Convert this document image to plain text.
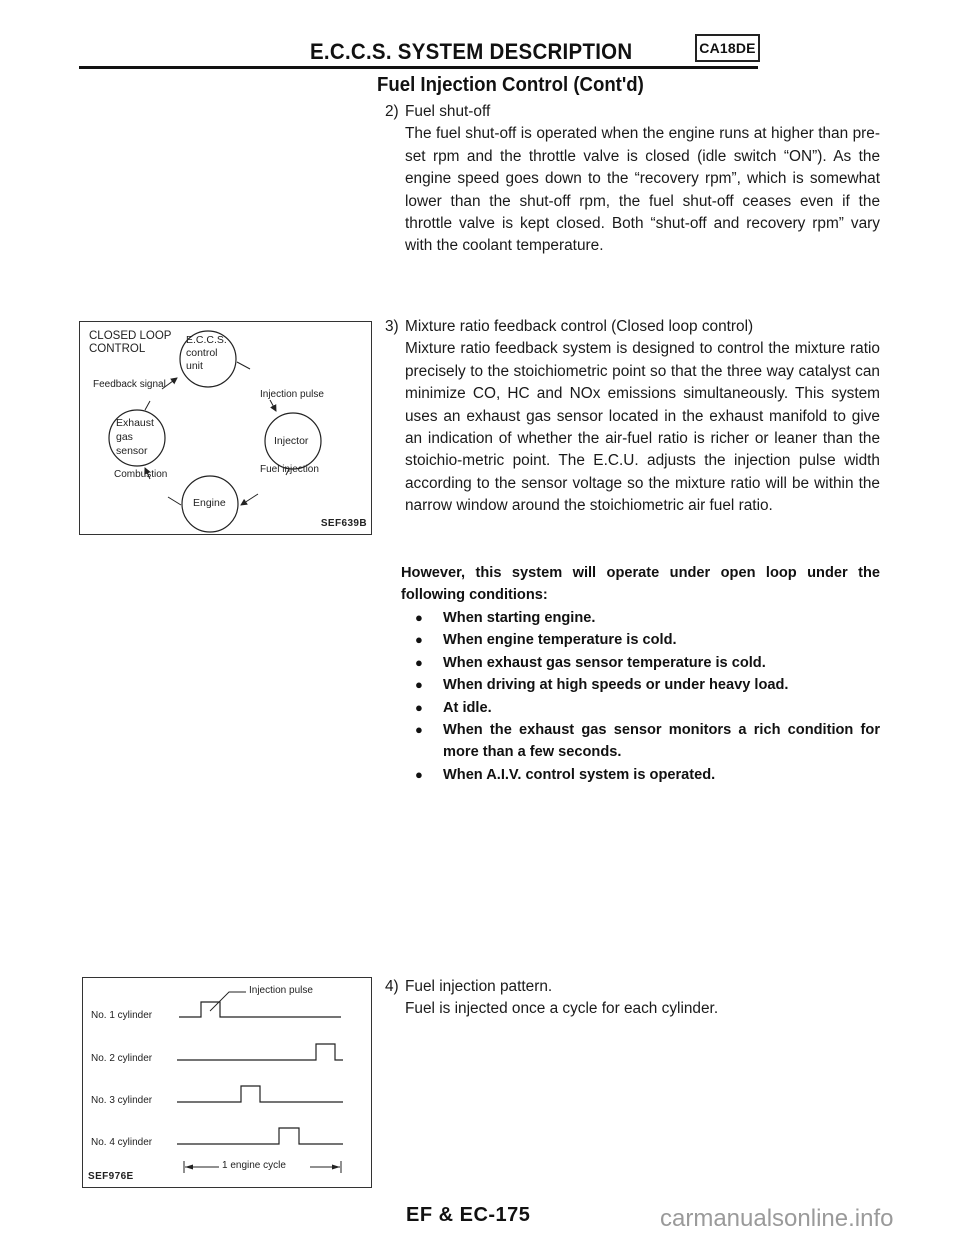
E.C.C.S. SYSTEM DESCRIPTION	CA18DE
Fuel Injection Control (Cont'd)
2) Fuel shut-off
The fuel shut-off is operated when the engine runs at higher than pre-set rpm and the throttle valve is closed (idle switch “ON”). As the engine speed goes down to the “recovery rpm”, which is somewhat lower than the shut-off rpm, the fuel shut-off ceases even if the throttle valve is kept closed. Both “shut-off and recovery rpm” vary with the coolant temperature.
3) Mixture ratio feedback control (Closed loop control)
Mixture ratio feedback system is designed to control the mixture ratio precisely to the stoichiometric point so that the three way catalyst can minimize CO, HC and NOx emissions simultaneously. This system uses an exhaust gas sensor located in the exhaust manifold to give an indication of whether the air-fuel ratio is richer or leaner than the stoichio-metric point. The E.C.U. adjusts the injection pulse width according to the sensor voltage so the mixture ratio will be within the narrow window around the stoichiometric air fuel ratio.
However, this system will operate under open loop under the following conditions:
● When starting engine.
● When engine temperature is cold.
● When exhaust gas sensor temperature is cold.
● When driving at high speeds or under heavy load.
● At idle.
● When the exhaust gas sensor monitors a rich condition for more than a few seconds.
● When A.I.V. control system is operated.
4) Fuel injection pattern.
Fuel is injected once a cycle for each cylinder.
CLOSED LOOP
CONTROL
E.C.C.S.
control
unit
Injection pulse
Injector
Fuel injection
Engine
Combustion
Exhaust
gas
sensor
Feedback signal
SEF639B
Injection pulse
No. 1 cylinder
No. 2 cylinder
No. 3 cylinder
No. 4 cylinder
1 engine cycle
SEF976E
EF & EC-175	carmanualsonline.info
